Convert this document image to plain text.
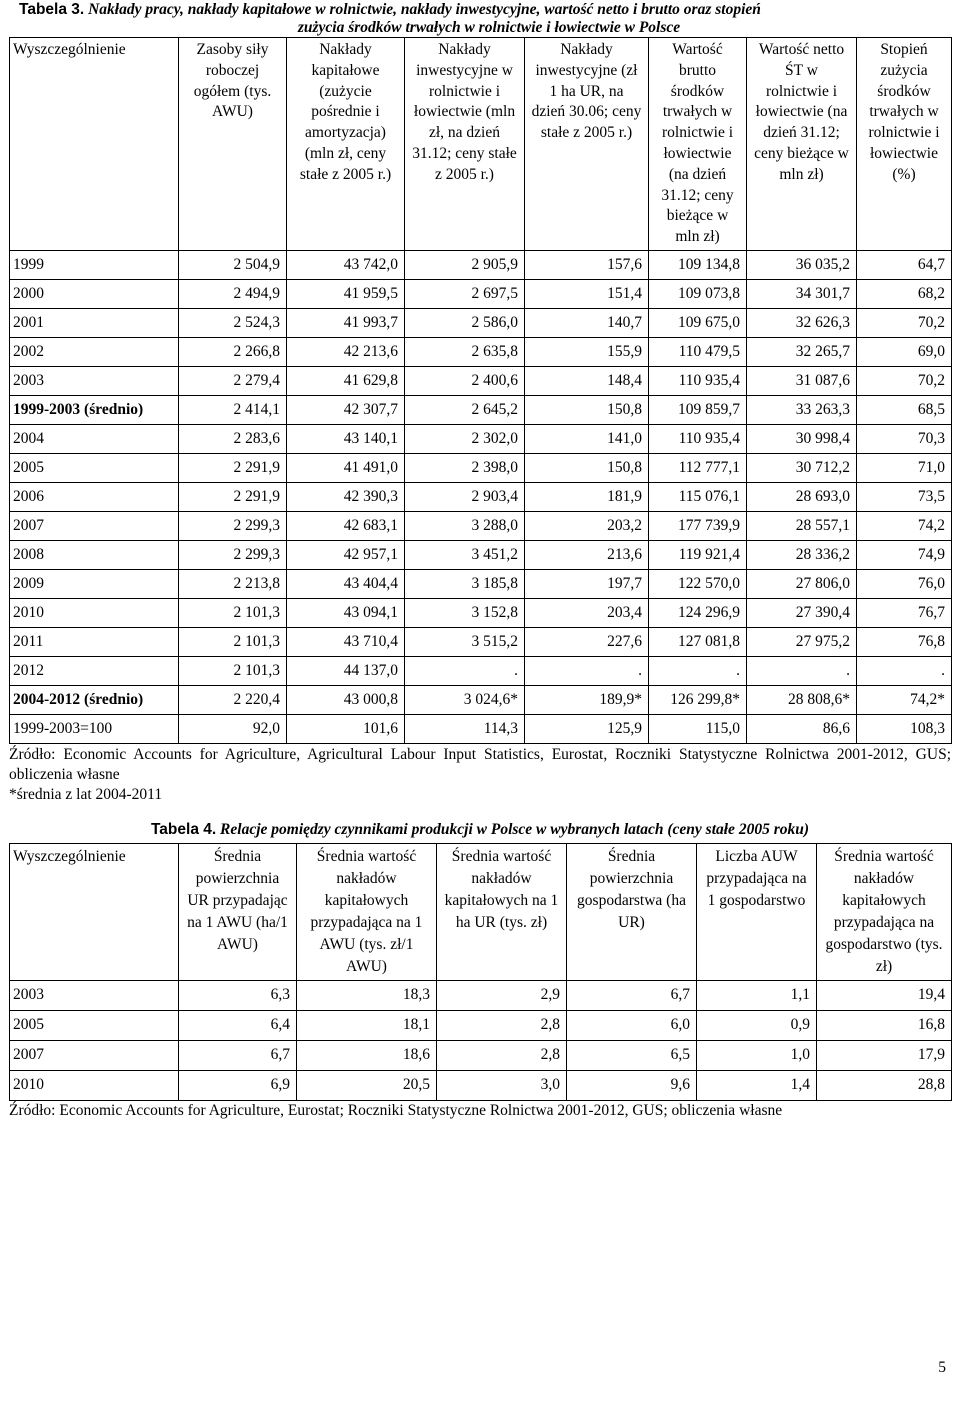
Tabela 3. Nakłady pracy, nakłady kapitałowe w rolnictwie, nakłady inwestycyjne, wartość netto i brutto oraz stopień
zużycia środków trwałych w rolnictwie i łowiectwie w Polsce

Wyszczególnienie	Zasoby siły roboczej ogółem (tys. AWU)	Nakłady kapitałowe (zużycie pośrednie i amortyzacja) (mln zł, ceny stałe z 2005 r.)	Nakłady inwestycyjne w rolnictwie i łowiectwie (mln zł, na dzień 31.12; ceny stałe z 2005 r.)	Nakłady inwestycyjne (zł 1 ha UR, na dzień 30.06; ceny stałe z 2005 r.)	Wartość brutto środków trwałych w rolnictwie i łowiectwie (na dzień 31.12; ceny bieżące w mln zł)	Wartość netto ŚT w rolnictwie i łowiectwie (na dzień 31.12; ceny bieżące w mln zł)	Stopień zużycia środków trwałych w rolnictwie i łowiectwie (%)
1999	2 504,9	43 742,0	2 905,9	157,6	109 134,8	36 035,2	64,7
2000	2 494,9	41 959,5	2 697,5	151,4	109 073,8	34 301,7	68,2
2001	2 524,3	41 993,7	2 586,0	140,7	109 675,0	32 626,3	70,2
2002	2 266,8	42 213,6	2 635,8	155,9	110 479,5	32 265,7	69,0
2003	2 279,4	41 629,8	2 400,6	148,4	110 935,4	31 087,6	70,2
1999-2003 (średnio)	2 414,1	42 307,7	2 645,2	150,8	109 859,7	33 263,3	68,5
2004	2 283,6	43 140,1	2 302,0	141,0	110 935,4	30 998,4	70,3
2005	2 291,9	41 491,0	2 398,0	150,8	112 777,1	30 712,2	71,0
2006	2 291,9	42 390,3	2 903,4	181,9	115 076,1	28 693,0	73,5
2007	2 299,3	42 683,1	3 288,0	203,2	177 739,9	28 557,1	74,2
2008	2 299,3	42 957,1	3 451,2	213,6	119 921,4	28 336,2	74,9
2009	2 213,8	43 404,4	3 185,8	197,7	122 570,0	27 806,0	76,0
2010	2 101,3	43 094,1	3 152,8	203,4	124 296,9	27 390,4	76,7
2011	2 101,3	43 710,4	3 515,2	227,6	127 081,8	27 975,2	76,8
2012	2 101,3	44 137,0	.	.	.	.	.
2004-2012 (średnio)	2 220,4	43 000,8	3 024,6*	189,9*	126 299,8*	28 808,6*	74,2*
1999-2003=100	92,0	101,6	114,3	125,9	115,0	86,6	108,3

Źródło: Economic Accounts for Agriculture, Agricultural Labour Input Statistics, Eurostat, Roczniki Statystyczne Rolnictwa 2001-2012, GUS; obliczenia własne

*średnia z lat 2004-2011

Tabela 4. Relacje pomiędzy czynnikami produkcji w Polsce w wybranych latach (ceny stałe 2005 roku)

Wyszczególnienie	Średnia powierzchnia UR przypadając na 1 AWU (ha/1 AWU)	Średnia wartość nakładów kapitałowych przypadająca na 1 AWU (tys. zł/1 AWU)	Średnia wartość nakładów kapitałowych na 1 ha UR (tys. zł)	Średnia powierzchnia gospodarstwa (ha UR)	Liczba AUW przypadająca na 1 gospodarstwo	Średnia wartość nakładów kapitałowych przypadająca na gospodarstwo (tys. zł)
2003	6,3	18,3	2,9	6,7	1,1	19,4
2005	6,4	18,1	2,8	6,0	0,9	16,8
2007	6,7	18,6	2,8	6,5	1,0	17,9
2010	6,9	20,5	3,0	9,6	1,4	28,8

Źródło: Economic Accounts for Agriculture, Eurostat; Roczniki Statystyczne Rolnictwa 2001-2012, GUS; obliczenia własne

5
